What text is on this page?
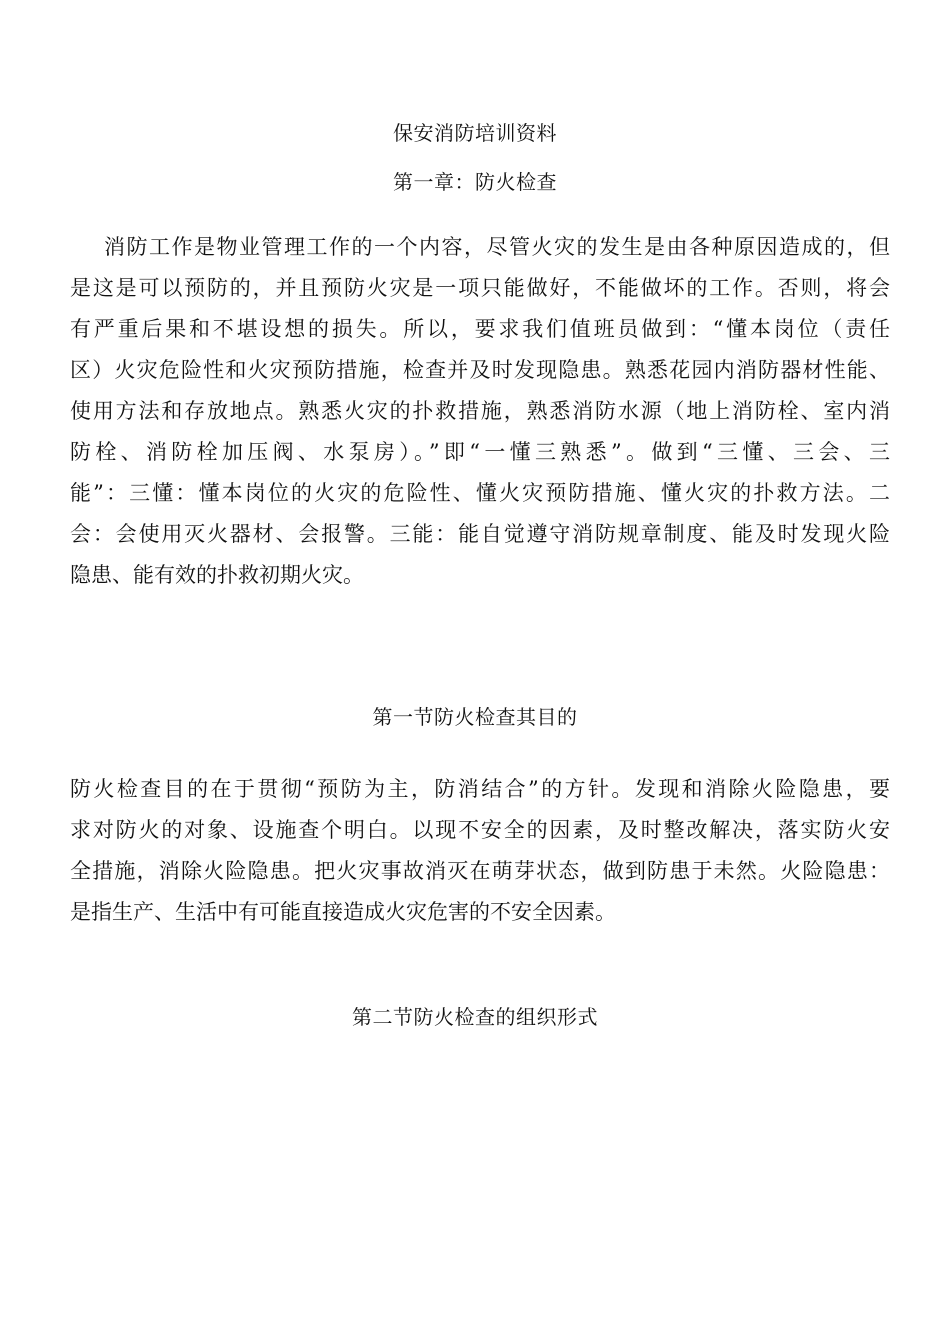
保安消防培训资料
第一章：防火检查
消防工作是物业管理工作的一个内容，尽管火灾的发生是由各种原因造成的，但
是这是可以预防的，并且预防火灾是一项只能做好，不能做坏的工作。否则，将会
有严重后果和不堪设想的损失。所以，要求我们值班员做到：“懂本岗位（责任
区）火灾危险性和火灾预防措施，检查并及时发现隐患。熟悉花园内消防器材性能、
使用方法和存放地点。熟悉火灾的扑救措施，熟悉消防水源（地上消防栓、室内消
防栓、消防栓加压阀、水泵房）。”即“一懂三熟悉”。做到“三懂、三会、三
能”：三懂：懂本岗位的火灾的危险性、懂火灾预防措施、懂火灾的扑救方法。二
会：会使用灭火器材、会报警。三能：能自觉遵守消防规章制度、能及时发现火险
隐患、能有效的扑救初期火灾。
第一节防火检查其目的
防火检查目的在于贯彻“预防为主，防消结合”的方针。发现和消除火险隐患，要
求对防火的对象、设施查个明白。以现不安全的因素，及时整改解决，落实防火安
全措施，消除火险隐患。把火灾事故消灭在萌芽状态，做到防患于未然。火险隐患：
是指生产、生活中有可能直接造成火灾危害的不安全因素。
第二节防火检查的组织形式
